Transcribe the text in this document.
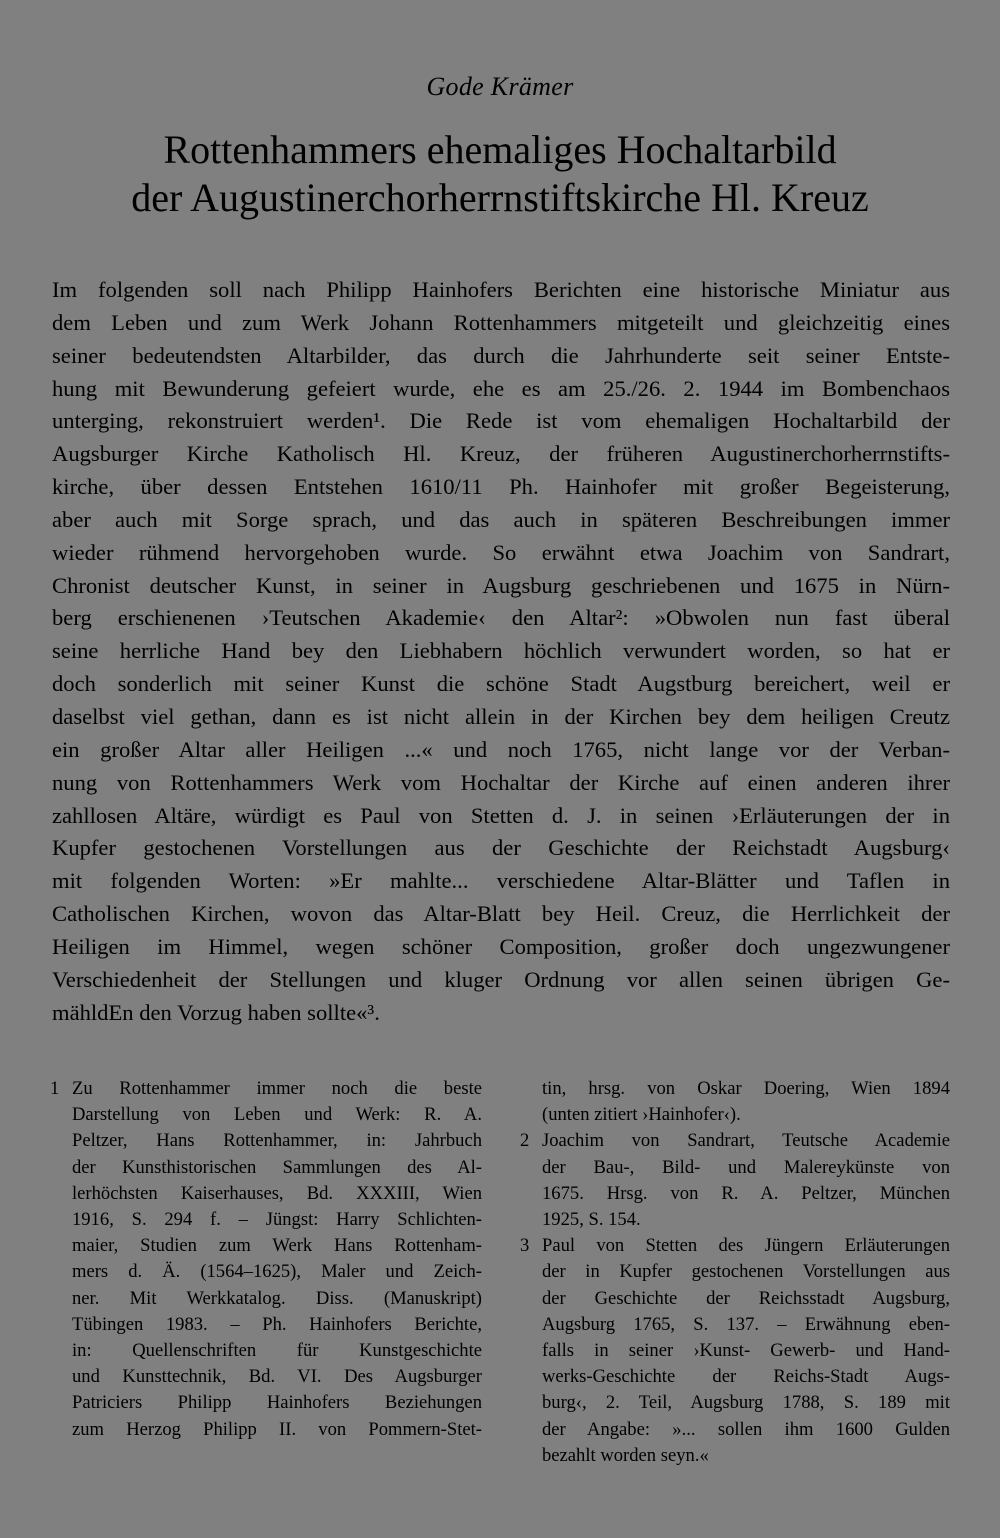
Gode Krämer
Rottenhammers ehemaliges Hochaltarbild
der Augustinerchorherrnstiftskirche Hl. Kreuz
Im folgenden soll nach Philipp Hainhofers Berichten eine historische Miniatur aus
dem Leben und zum Werk Johann Rottenhammers mitgeteilt und gleichzeitig eines
seiner bedeutendsten Altarbilder, das durch die Jahrhunderte seit seiner Entste-
hung mit Bewunderung gefeiert wurde, ehe es am 25./26. 2. 1944 im Bombenchaos
unterging, rekonstruiert werden¹. Die Rede ist vom ehemaligen Hochaltarbild der
Augsburger Kirche Katholisch Hl. Kreuz, der früheren Augustinerchorherrnstifts-
kirche, über dessen Entstehen 1610/11 Ph. Hainhofer mit großer Begeisterung,
aber auch mit Sorge sprach, und das auch in späteren Beschreibungen immer
wieder rühmend hervorgehoben wurde. So erwähnt etwa Joachim von Sandrart,
Chronist deutscher Kunst, in seiner in Augsburg geschriebenen und 1675 in Nürn-
berg erschienenen ›Teutschen Akademie‹ den Altar²: »Obwolen nun fast überal
seine herrliche Hand bey den Liebhabern höchlich verwundert worden, so hat er
doch sonderlich mit seiner Kunst die schöne Stadt Augstburg bereichert, weil er
daselbst viel gethan, dann es ist nicht allein in der Kirchen bey dem heiligen Creutz
ein großer Altar aller Heiligen ...« und noch 1765, nicht lange vor der Verban-
nung von Rottenhammers Werk vom Hochaltar der Kirche auf einen anderen ihrer
zahllosen Altäre, würdigt es Paul von Stetten d. J. in seinen ›Erläuterungen der in
Kupfer gestochenen Vorstellungen aus der Geschichte der Reichstadt Augsburg‹
mit folgenden Worten: »Er mahlte... verschiedene Altar-Blätter und Taflen in
Catholischen Kirchen, wovon das Altar-Blatt bey Heil. Creuz, die Herrlichkeit der
Heiligen im Himmel, wegen schöner Composition, großer doch ungezwungener
Verschiedenheit der Stellungen und kluger Ordnung vor allen seinen übrigen Ge-
mähldEn den Vorzug haben sollte«³.
1 Zu Rottenhammer immer noch die beste
Darstellung von Leben und Werk: R. A.
Peltzer, Hans Rottenhammer, in: Jahrbuch
der Kunsthistorischen Sammlungen des Al-
lerhöchsten Kaiserhauses, Bd. XXXIII, Wien
1916, S. 294 f. – Jüngst: Harry Schlichten-
maier, Studien zum Werk Hans Rottenham-
mers d. Ä. (1564–1625), Maler und Zeich-
ner. Mit Werkkatalog. Diss. (Manuskript)
Tübingen 1983. – Ph. Hainhofers Berichte,
in: Quellenschriften für Kunstgeschichte
und Kunsttechnik, Bd. VI. Des Augsburger
Patriciers Philipp Hainhofers Beziehungen
zum Herzog Philipp II. von Pommern-Stet-
tin, hrsg. von Oskar Doering, Wien 1894
(unten zitiert ›Hainhofer‹).
2 Joachim von Sandrart, Teutsche Academie
der Bau-, Bild- und Malereykünste von
1675. Hrsg. von R. A. Peltzer, München
1925, S. 154.
3 Paul von Stetten des Jüngern Erläuterungen
der in Kupfer gestochenen Vorstellungen aus
der Geschichte der Reichsstadt Augsburg,
Augsburg 1765, S. 137. – Erwähnung eben-
falls in seiner ›Kunst- Gewerb- und Hand-
werks-Geschichte der Reichs-Stadt Augs-
burg‹, 2. Teil, Augsburg 1788, S. 189 mit
der Angabe: »... sollen ihm 1600 Gulden
bezahlt worden seyn.«
